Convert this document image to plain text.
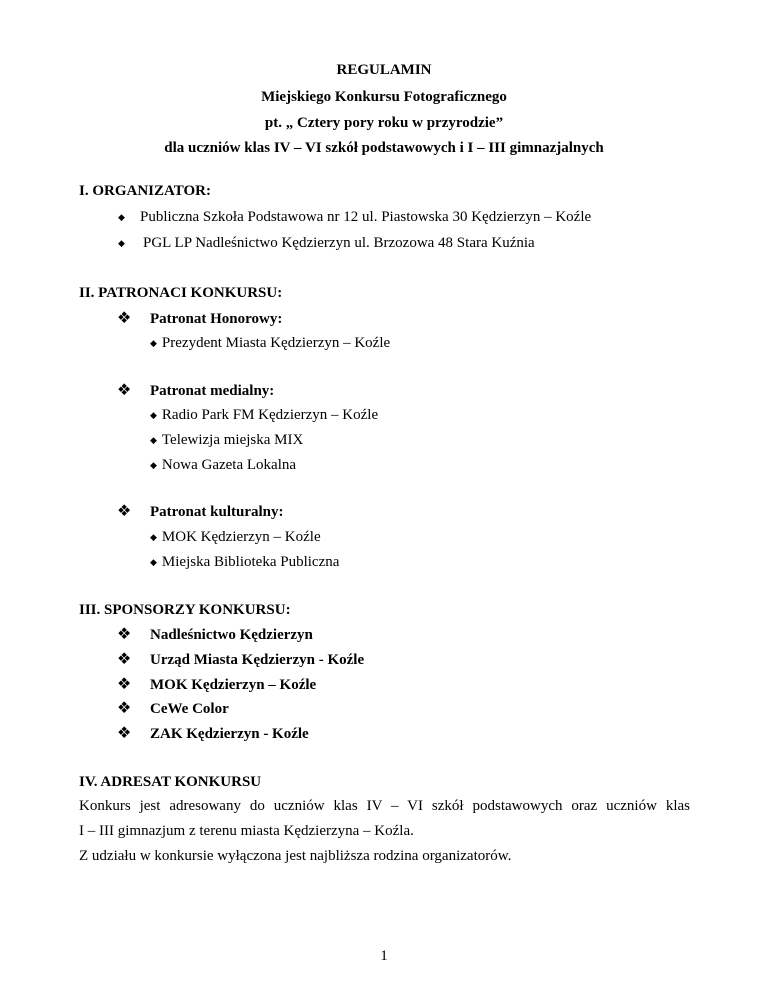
REGULAMIN
Miejskiego Konkursu Fotograficznego
pt. „ Cztery pory roku w przyrodzie”
dla uczniów klas IV – VI szkół podstawowych i I – III gimnazjalnych
I. ORGANIZATOR:
◆ Publiczna Szkoła Podstawowa nr 12 ul. Piastowska 30 Kędzierzyn – Koźle
◆ PGL LP Nadleśnictwo Kędzierzyn ul. Brzozowa 48 Stara Kuźnia
II. PATRONACI KONKURSU:
❖ Patronat Honorowy:
◆ Prezydent Miasta Kędzierzyn – Koźle
❖ Patronat medialny:
◆ Radio Park FM Kędzierzyn – Koźle
◆ Telewizja miejska MIX
◆ Nowa Gazeta Lokalna
❖ Patronat kulturalny:
◆ MOK Kędzierzyn – Koźle
◆ Miejska Biblioteka Publiczna
III. SPONSORZY KONKURSU:
❖ Nadleśnictwo Kędzierzyn
❖ Urząd Miasta Kędzierzyn - Koźle
❖ MOK Kędzierzyn – Koźle
❖ CeWe Color
❖ ZAK Kędzierzyn - Koźle
IV. ADRESAT KONKURSU
Konkurs jest adresowany do uczniów klas IV – VI szkół podstawowych oraz uczniów klas
I – III gimnazjum z terenu miasta Kędzierzyna – Koźla.
Z udziału w konkursie wyłączona jest najbliższa rodzina organizatorów.
1
